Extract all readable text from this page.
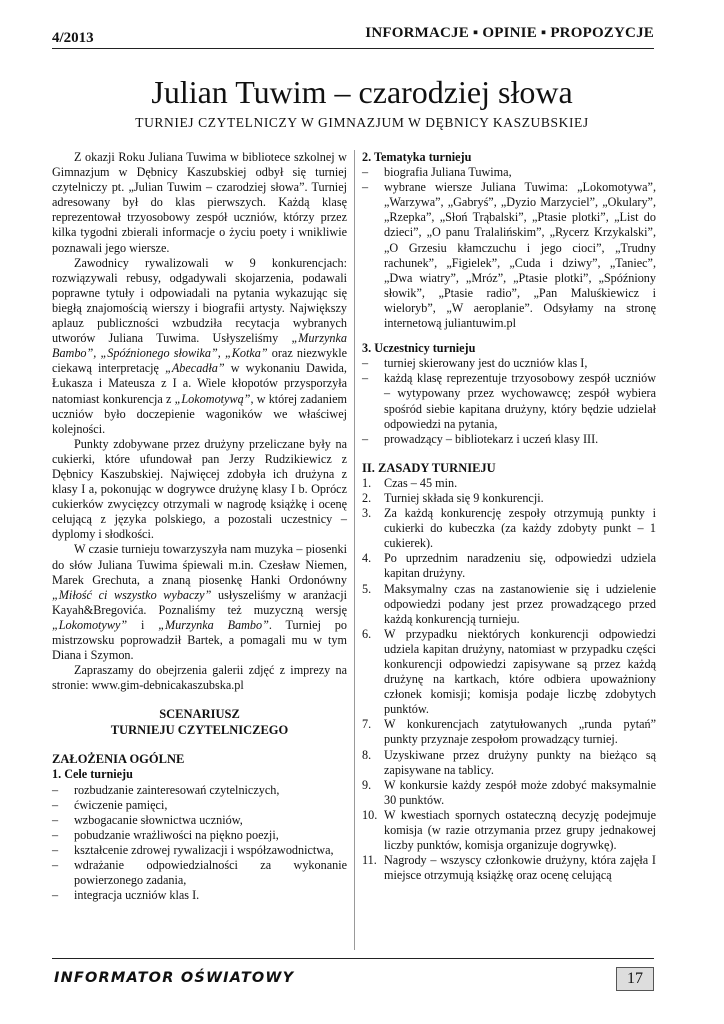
4/2013	INFORMACJE ▪ OPINIE ▪ PROPOZYCJE
Julian Tuwim – czarodziej słowa
TURNIEJ CZYTELNICZY W GIMNAZJUM W DĘBNICY KASZUBSKIEJ

Z okazji Roku Juliana Tuwima w bibliotece szkolnej w Gimnazjum w Dębnicy Kaszubskiej odbył się turniej czytelniczy pt. „Julian Tuwim – czarodziej słowa”. Turniej adresowany był do klas pierwszych. Każdą klasę reprezentował trzyosobowy zespół uczniów, którzy przez kilka tygodni zbierali informacje o życiu poety i wnikliwie poznawali jego wiersze.

Zawodnicy rywalizowali w 9 konkurencjach: rozwiązywali rebusy, odgadywali skojarzenia, podawali poprawne tytuły i odpowiadali na pytania wykazując się biegłą znajomością wierszy i biografii artysty. Największy aplauz publiczności wzbudziła recytacja wybranych utworów Juliana Tuwima. Usłyszeliśmy „Murzynka Bambo”, „Spóźnionego słowika”, „Kotka” oraz niezwykle ciekawą interpretację „Abecadła” w wykonaniu Dawida, Łukasza i Mateusza z I a. Wiele kłopotów przysporzyła natomiast konkurencja z „Lokomotywą”, w której zadaniem uczniów było doczepienie wagoników we właściwej kolejności.

Punkty zdobywane przez drużyny przeliczane były na cukierki, które ufundował pan Jerzy Rudzikiewicz z Dębnicy Kaszubskiej. Najwięcej zdobyła ich drużyna z klasy I a, pokonując w dogrywce drużynę klasy I b. Oprócz cukierków zwycięzcy otrzymali w nagrodę książkę i ocenę celującą z języka polskiego, a pozostali uczestnicy – dyplomy i słodkości.

W czasie turnieju towarzyszyła nam muzyka – piosenki do słów Juliana Tuwima śpiewali m.in. Czesław Niemen, Marek Grechuta, a znaną piosenkę Hanki Ordonówny „Miłość ci wszystko wybaczy” usłyszeliśmy w aranżacji Kayah&Bregovića. Poznaliśmy też muzyczną wersję „Lokomotywy” i „Murzynka Bambo”. Turniej po mistrzowsku poprowadził Bartek, a pomagali mu w tym Diana i Szymon.

Zapraszamy do obejrzenia galerii zdjęć z imprezy na stronie: www.gim-debnicakaszubska.pl

SCENARIUSZ
TURNIEJU CZYTELNICZEGO
ZAŁOŻENIA OGÓLNE
1. Cele turnieju
– rozbudzanie zainteresowań czytelniczych,
– ćwiczenie pamięci,
– wzbogacanie słownictwa uczniów,
– pobudzanie wrażliwości na piękno poezji,
– kształcenie zdrowej rywalizacji i współzawodnictwa,
– wdrażanie odpowiedzialności za wykonanie powierzonego zadania,
– integracja uczniów klas I.
2. Tematyka turnieju
– biografia Juliana Tuwima,
– wybrane wiersze Juliana Tuwima: „Lokomotywa”, „Warzywa”, „Gabryś”, „Dyzio Marzyciel”, „Okulary”, „Rzepka”, „Słoń Trąbalski”, „Ptasie plotki”, „List do dzieci”, „O panu Tralalińskim”, „Rycerz Krzykalski”, „O Grzesiu kłamczuchu i jego cioci”, „Trudny rachunek”, „Figielek”, „Cuda i dziwy”, „Taniec”, „Dwa wiatry”, „Mróz”, „Ptasie plotki”, „Spóźniony słowik”, „Ptasie radio”, „Pan Maluśkiewicz i wieloryb”, „W aeroplanie”. Odsyłamy na stronę internetową juliantuwim.pl
3. Uczestnicy turnieju
– turniej skierowany jest do uczniów klas I,
– każdą klasę reprezentuje trzyosobowy zespół uczniów – wytypowany przez wychowawcę; zespół wybiera spośród siebie kapitana drużyny, który będzie udzielał odpowiedzi na pytania,
– prowadzący – bibliotekarz i uczeń klasy III.
II. ZASADY TURNIEJU
1. Czas – 45 min.
2. Turniej składa się 9 konkurencji.
3. Za każdą konkurencję zespoły otrzymują punkty i cukierki do kubeczka (za każdy zdobyty punkt – 1 cukierek).
4. Po uprzednim naradzeniu się, odpowiedzi udziela kapitan drużyny.
5. Maksymalny czas na zastanowienie się i udzielenie odpowiedzi podany jest przez prowadzącego przed każdą konkurencją turnieju.
6. W przypadku niektórych konkurencji odpowiedzi udziela kapitan drużyny, natomiast w przypadku części konkurencji odpowiedzi zapisywane są przez każdą drużynę na kartkach, które odbiera upoważniony członek komisji; komisja podaje liczbę zdobytych punktów.
7. W konkurencjach zatytułowanych „runda pytań” punkty przyznaje zespołom prowadzący turniej.
8. Uzyskiwane przez drużyny punkty na bieżąco są zapisywane na tablicy.
9. W konkursie każdy zespół może zdobyć maksymalnie 30 punktów.
10. W kwestiach spornych ostateczną decyzję podejmuje komisja (w razie otrzymania przez grupy jednakowej liczby punktów, komisja organizuje dogrywkę).
11. Nagrody – wszyscy członkowie drużyny, która zajęła I miejsce otrzymują książkę oraz ocenę celującą
INFORMATOR OŚWIATOWY	17
